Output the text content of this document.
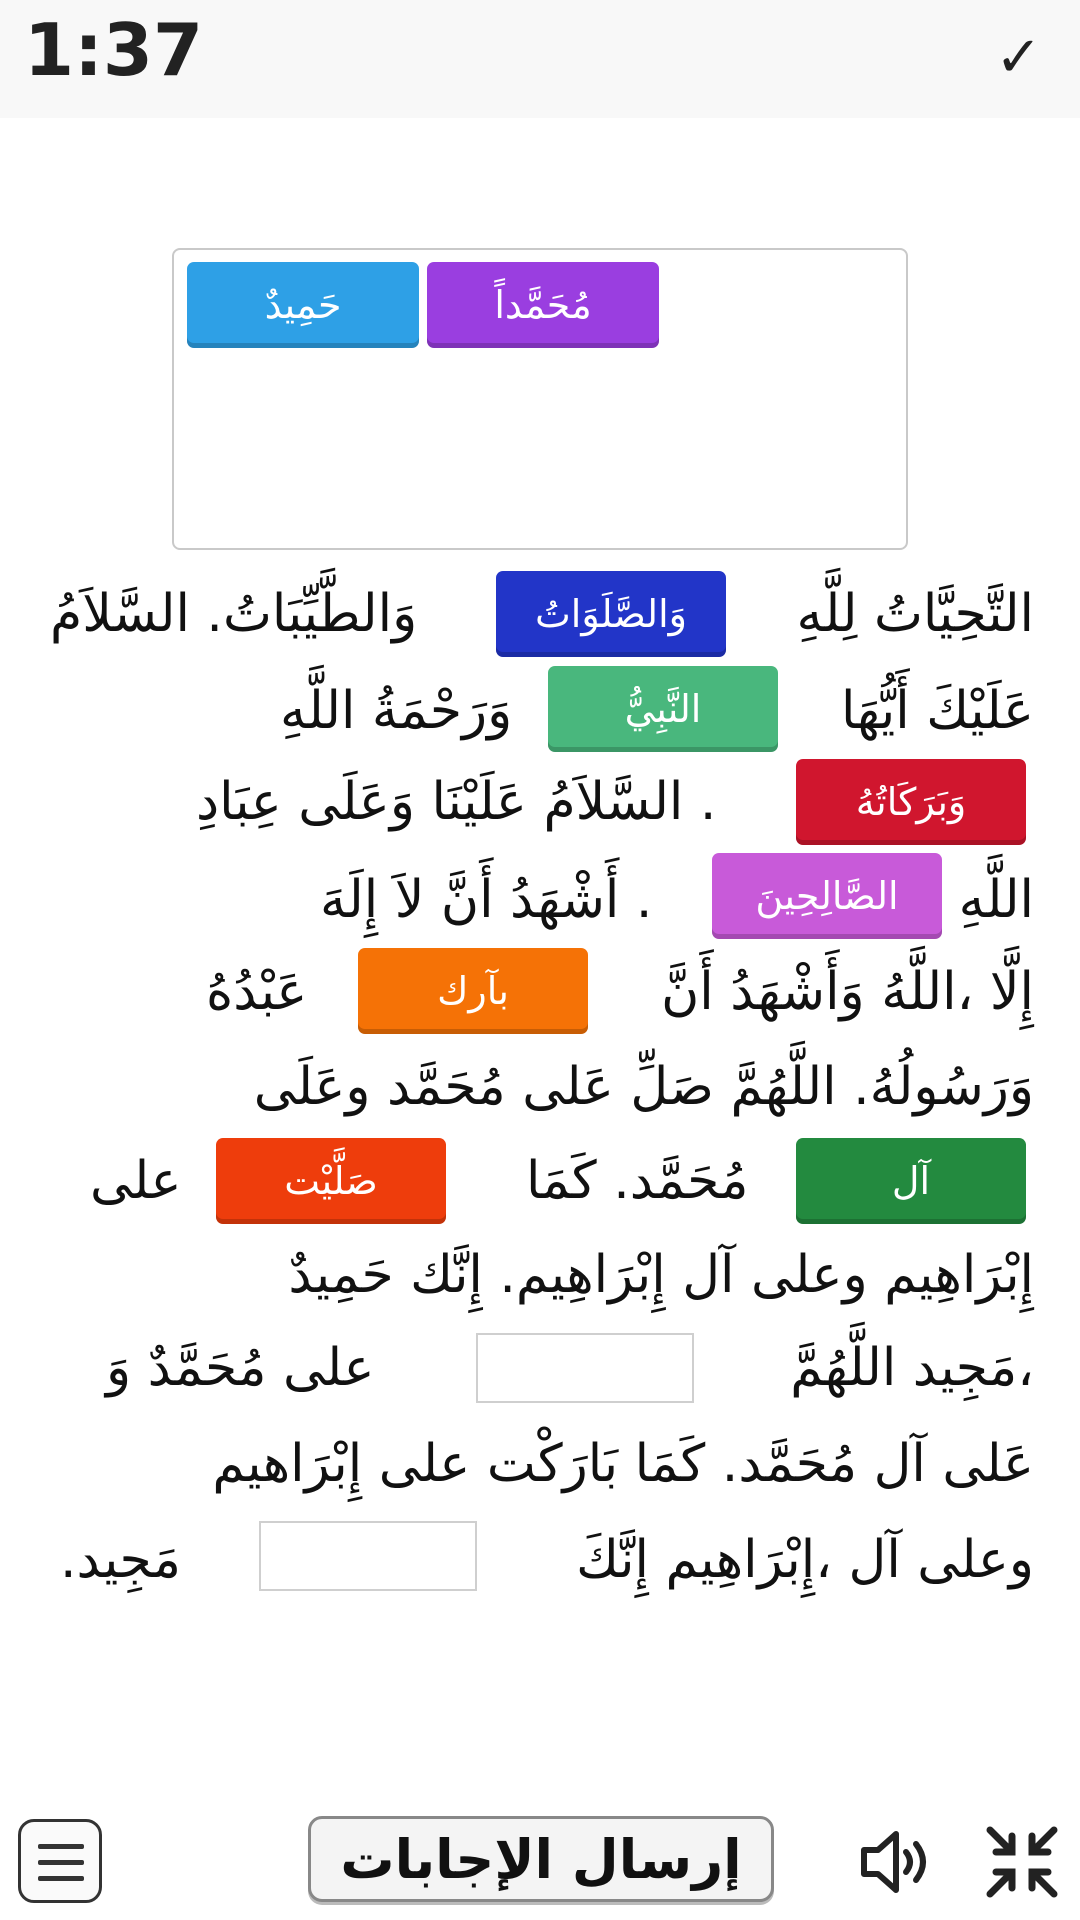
1:37	✓
مُحَمَّداً
حَمِيدٌ
التَّحِيَّاتُ لِلَّهِ
وَالطَّيِّبَاتُ. السَّلاَمُ	وَالصَّلَوَاتُ
عَلَيْكَ أَيُّهَا
وَرَحْمَةُ اللَّهِ	النَّبِيُّ
. السَّلاَمُ عَلَيْنَا وَعَلَى عِبَادِ	وَبَرَكَاتُهُ
اللَّهِ
. أَشْهَدُ أَنَّ لاَ إِلَهَ	الصَّالِحِينَ
إِلَّا ،اللَّهُ وَأَشْهَدُ أَنَّ
عَبْدُهُ	بآرك
وَرَسُولُهُ. اللَّهُمَّ صَلِّ عَلى مُحَمَّد وعَلَى
مُحَمَّد. كَمَا
على	آل
صَلَّيْت
إِبْرَاهِيم وعلى آل إِبْرَاهِيم. إِنَّك حَمِيدٌ
،مَجِيد اللَّهُمَّ
على مُحَمَّدٌ وَ
عَلى آل مُحَمَّد. كَمَا بَارَكْت على إِبْرَاهيم
وعلى آل ،إِبْرَاهِيم إِنَّكَ
مَجِيد.
إرسال الإجابات
